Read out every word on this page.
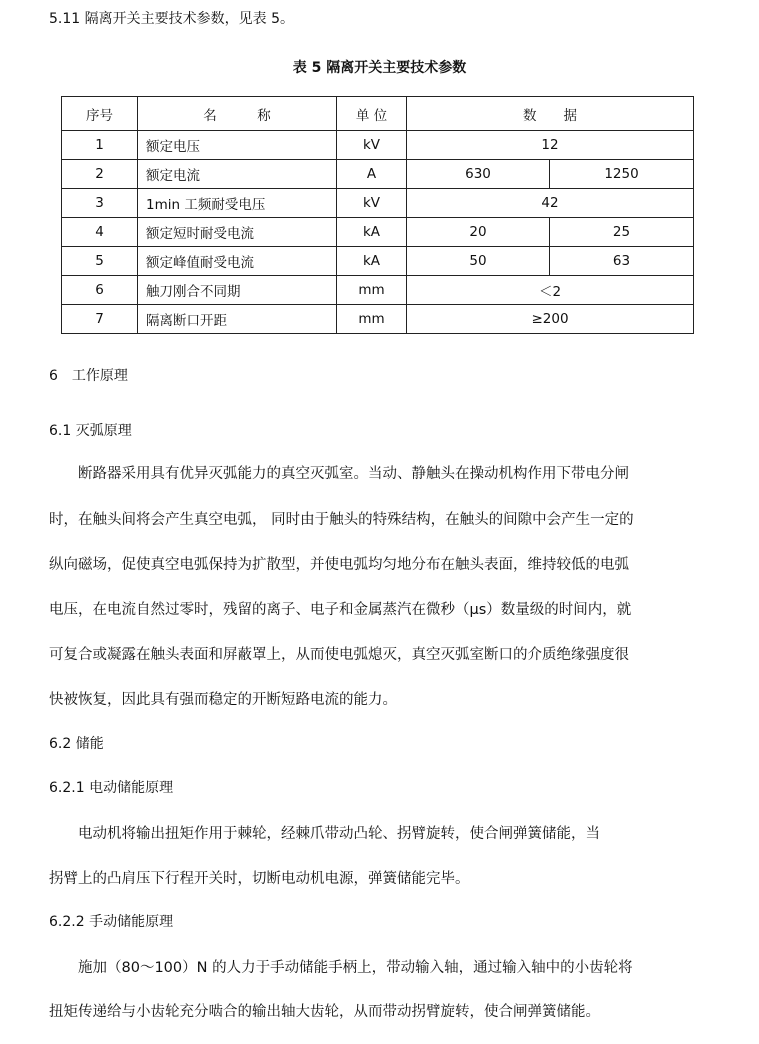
5.11 隔离开关主要技术参数，见表 5。
表 5 隔离开关主要技术参数
序号	名　　　称	单 位	数　　据	
1	额定电压	kV	12	
2	额定电流	A	630	1250
3	1min 工频耐受电压	kV	42	
4	额定短时耐受电流	kA	20	25
5	额定峰值耐受电流	kA	50	63
6	触刀刚合不同期	mm	＜2	
7	隔离断口开距	mm	≥200	
6　工作原理
6.1 灭弧原理
　　断路器采用具有优异灭弧能力的真空灭弧室。当动、静触头在操动机构作用下带电分闸
时，在触头间将会产生真空电弧， 同时由于触头的特殊结构，在触头的间隙中会产生一定的
纵向磁场，促使真空电弧保持为扩散型，并使电弧均匀地分布在触头表面，维持较低的电弧
电压，在电流自然过零时，残留的离子、电子和金属蒸汽在微秒（μs）数量级的时间内，就
可复合或凝露在触头表面和屏蔽罩上，从而使电弧熄灭，真空灭弧室断口的介质绝缘强度很
快被恢复，因此具有强而稳定的开断短路电流的能力。
6.2 储能
6.2.1 电动储能原理
　　电动机将输出扭矩作用于棘轮，经棘爪带动凸轮、拐臂旋转，使合闸弹簧储能，当
拐臂上的凸肩压下行程开关时，切断电动机电源，弹簧储能完毕。
6.2.2 手动储能原理
　　施加（80～100）N 的人力于手动储能手柄上，带动输入轴，通过输入轴中的小齿轮将
扭矩传递给与小齿轮充分啮合的输出轴大齿轮，从而带动拐臂旋转，使合闸弹簧储能。
